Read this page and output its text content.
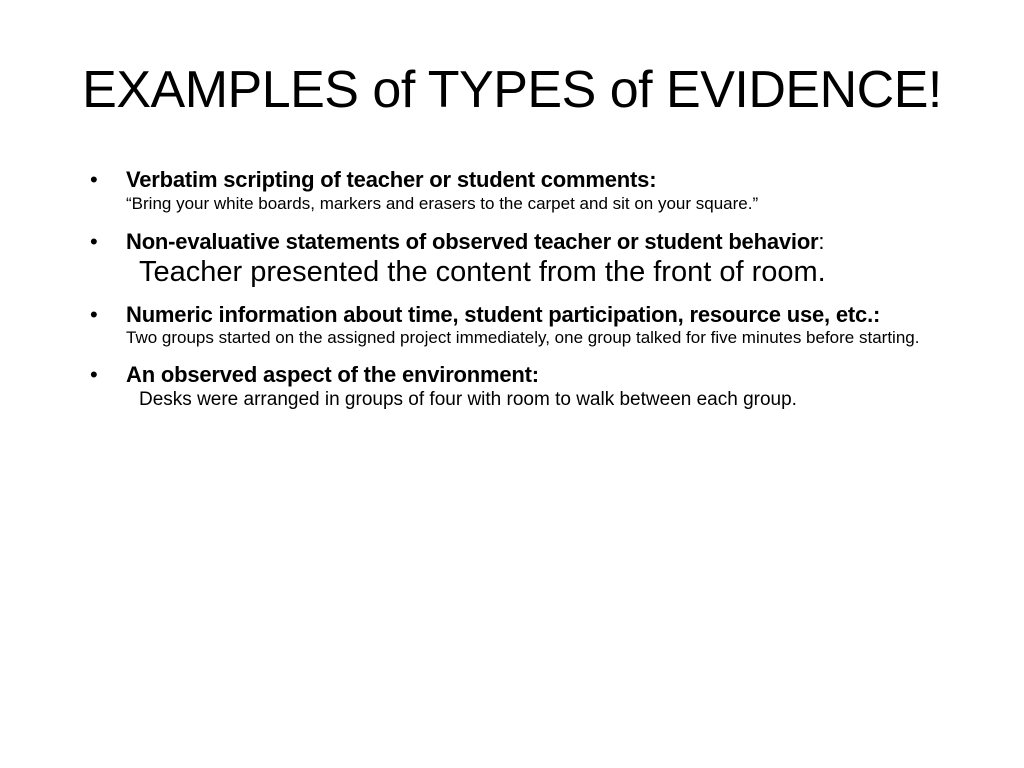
EXAMPLES of TYPES of EVIDENCE!
• Verbatim scripting of teacher or student comments:
“Bring your white boards, markers and erasers to the carpet and sit on your square.”
• Non-evaluative statements of observed teacher or student behavior:
Teacher presented the content from the front of room.
• Numeric information about time, student participation, resource use, etc.:
Two groups started on the assigned project immediately, one group talked for five minutes before starting.
• An observed aspect of the environment:
Desks were arranged in groups of four with room to walk between each group.
